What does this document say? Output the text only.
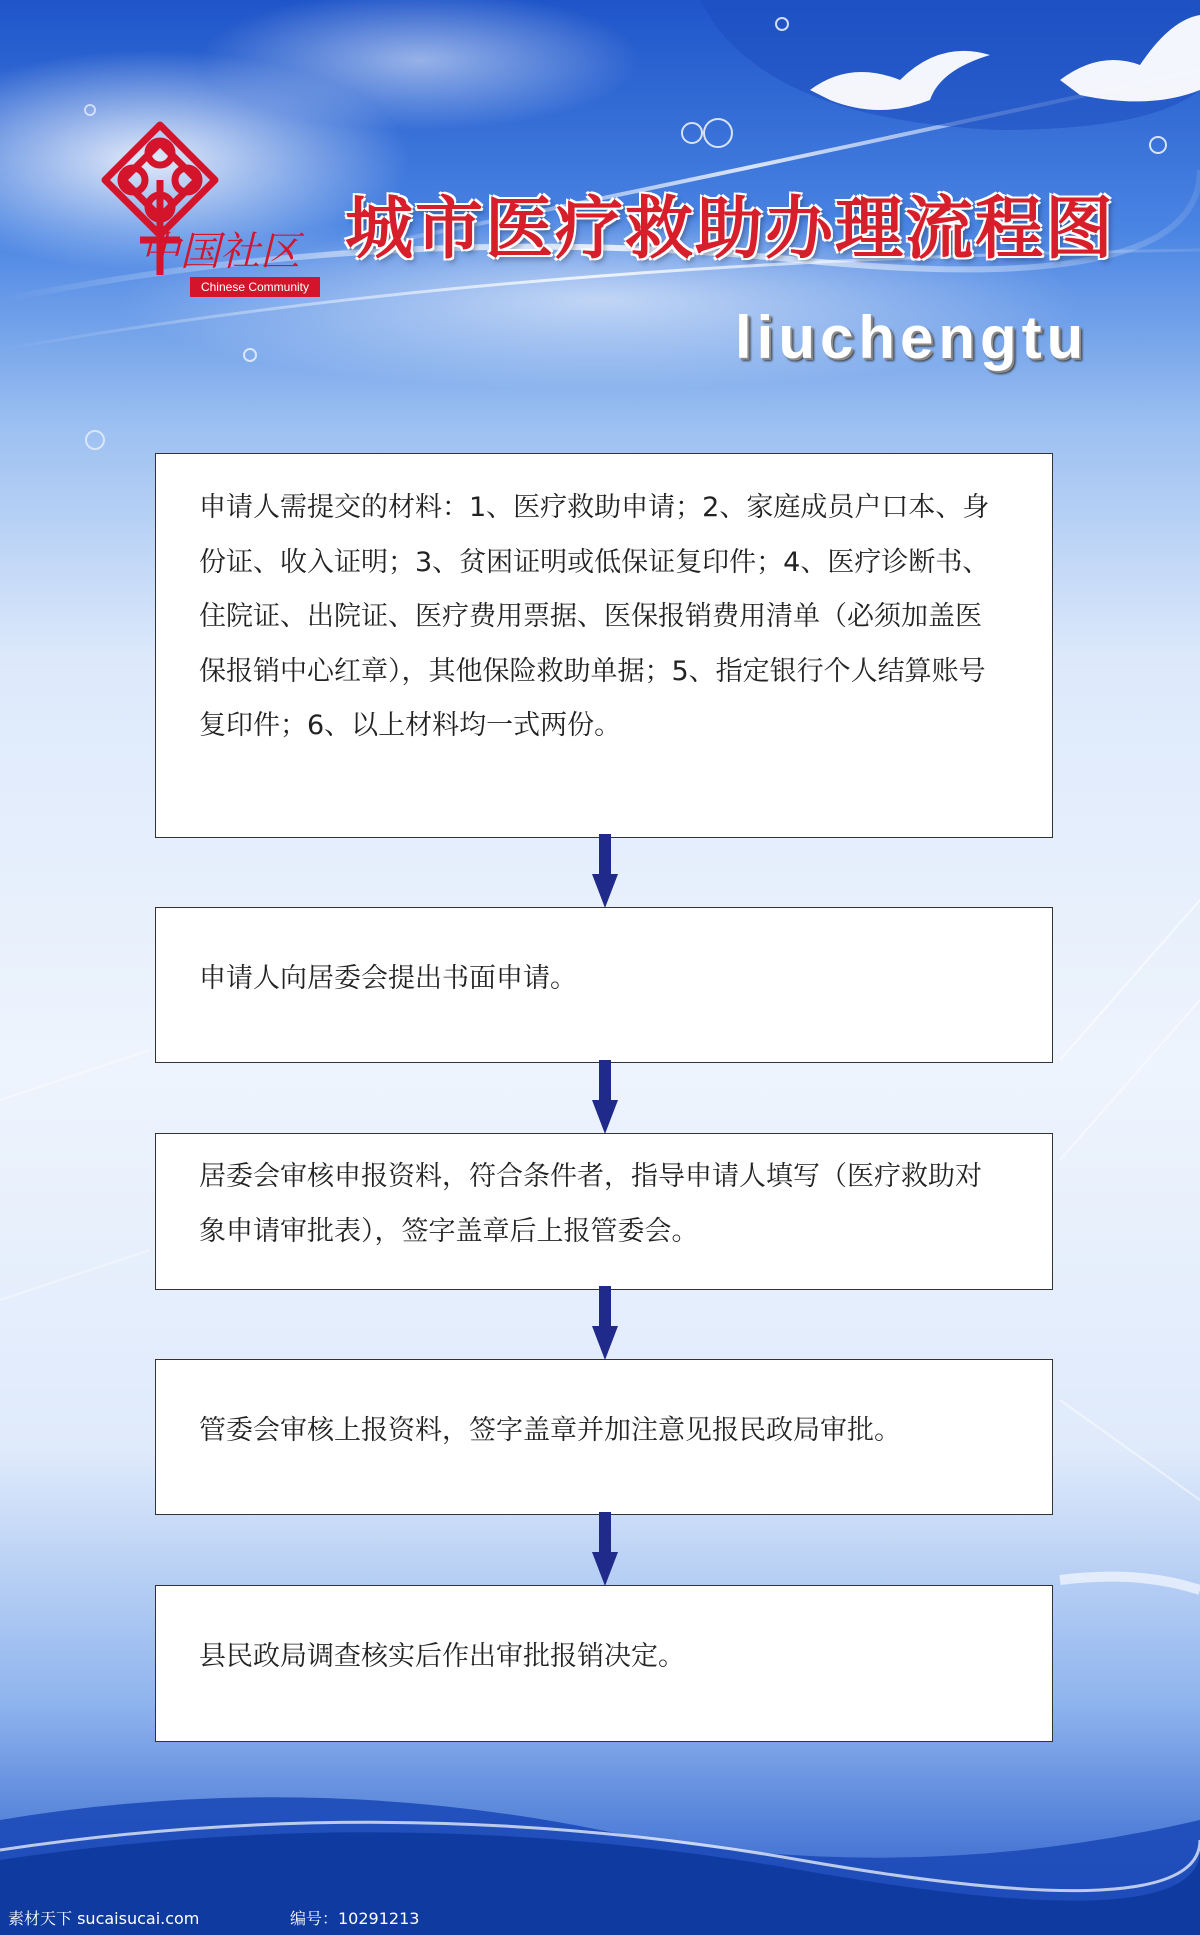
中国社区
Chinese Community
城市医疗救助办理流程图
liuchengtu
申请人需提交的材料：1、医疗救助申请；2、家庭成员户口本、身份证、收入证明；3、贫困证明或低保证复印件；4、医疗诊断书、住院证、出院证、医疗费用票据、医保报销费用清单（必须加盖医保报销中心红章），其他保险救助单据；5、指定银行个人结算账号复印件；6、以上材料均一式两份。
申请人向居委会提出书面申请。
居委会审核申报资料，符合条件者，指导申请人填写（医疗救助对象申请审批表），签字盖章后上报管委会。
管委会审核上报资料，签字盖章并加注意见报民政局审批。
县民政局调查核实后作出审批报销决定。
素材天下 sucaisucai.com	编号：10291213
